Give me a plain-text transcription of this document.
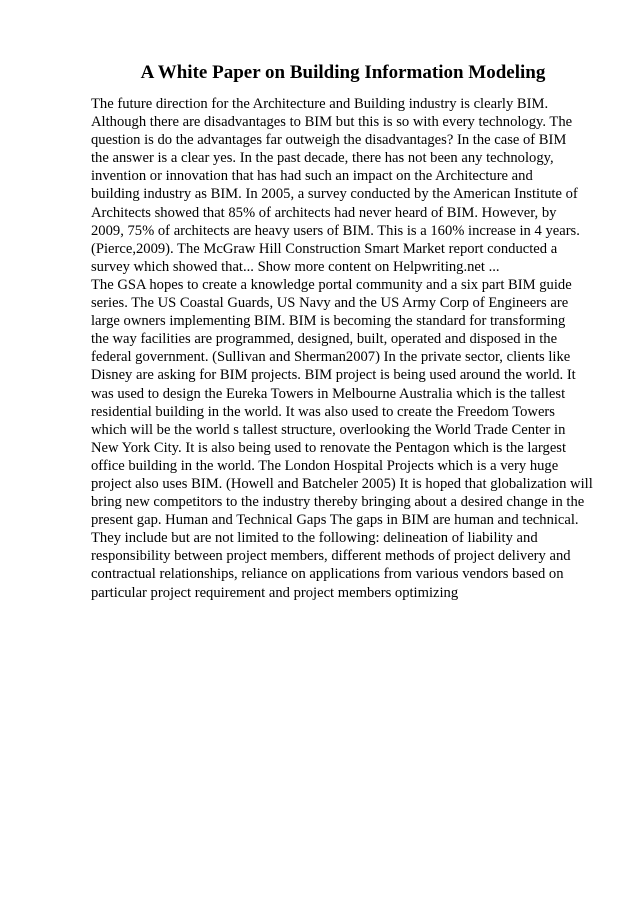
A White Paper on Building Information Modeling
The future direction for the Architecture and Building industry is clearly BIM.
Although there are disadvantages to BIM but this is so with every technology. The
question is do the advantages far outweigh the disadvantages? In the case of BIM
the answer is a clear yes. In the past decade, there has not been any technology,
invention or innovation that has had such an impact on the Architecture and
building industry as BIM. In 2005, a survey conducted by the American Institute of
Architects showed that 85% of architects had never heard of BIM. However, by
2009, 75% of architects are heavy users of BIM. This is a 160% increase in 4 years.
(Pierce,2009). The McGraw Hill Construction Smart Market report conducted a
survey which showed that... Show more content on Helpwriting.net ...
The GSA hopes to create a knowledge portal community and a six part BIM guide
series. The US Coastal Guards, US Navy and the US Army Corp of Engineers are
large owners implementing BIM. BIM is becoming the standard for transforming
the way facilities are programmed, designed, built, operated and disposed in the
federal government. (Sullivan and Sherman2007) In the private sector, clients like
Disney are asking for BIM projects. BIM project is being used around the world. It
was used to design the Eureka Towers in Melbourne Australia which is the tallest
residential building in the world. It was also used to create the Freedom Towers
which will be the world s tallest structure, overlooking the World Trade Center in
New York City. It is also being used to renovate the Pentagon which is the largest
office building in the world. The London Hospital Projects which is a very huge
project also uses BIM. (Howell and Batcheler 2005) It is hoped that globalization will
bring new competitors to the industry thereby bringing about a desired change in the
present gap. Human and Technical Gaps The gaps in BIM are human and technical.
They include but are not limited to the following: delineation of liability and
responsibility between project members, different methods of project delivery and
contractual relationships, reliance on applications from various vendors based on
particular project requirement and project members optimizing
